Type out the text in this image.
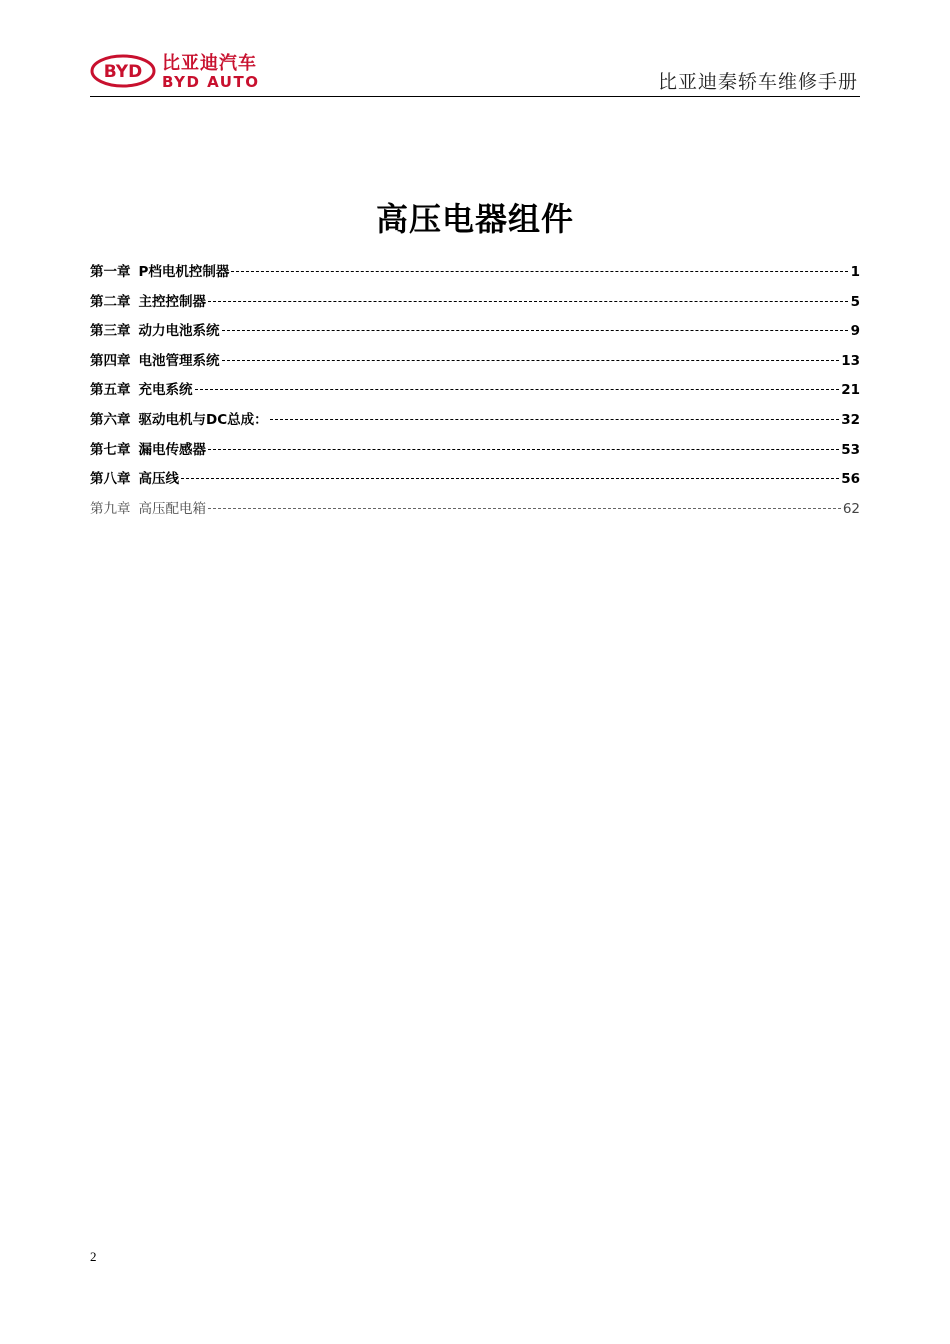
BYD 比亚迪汽车
BYD AUTO	比亚迪秦轿车维修手册
高压电器组件
第一章 P档电机控制器	1
第二章 主控控制器	5
第三章 动力电池系统	9
第四章 电池管理系统	13
第五章 充电系统	21
第六章 驱动电机与DC总成：	32
第七章 漏电传感器	53
第八章 高压线	56
第九章 高压配电箱	62
2
